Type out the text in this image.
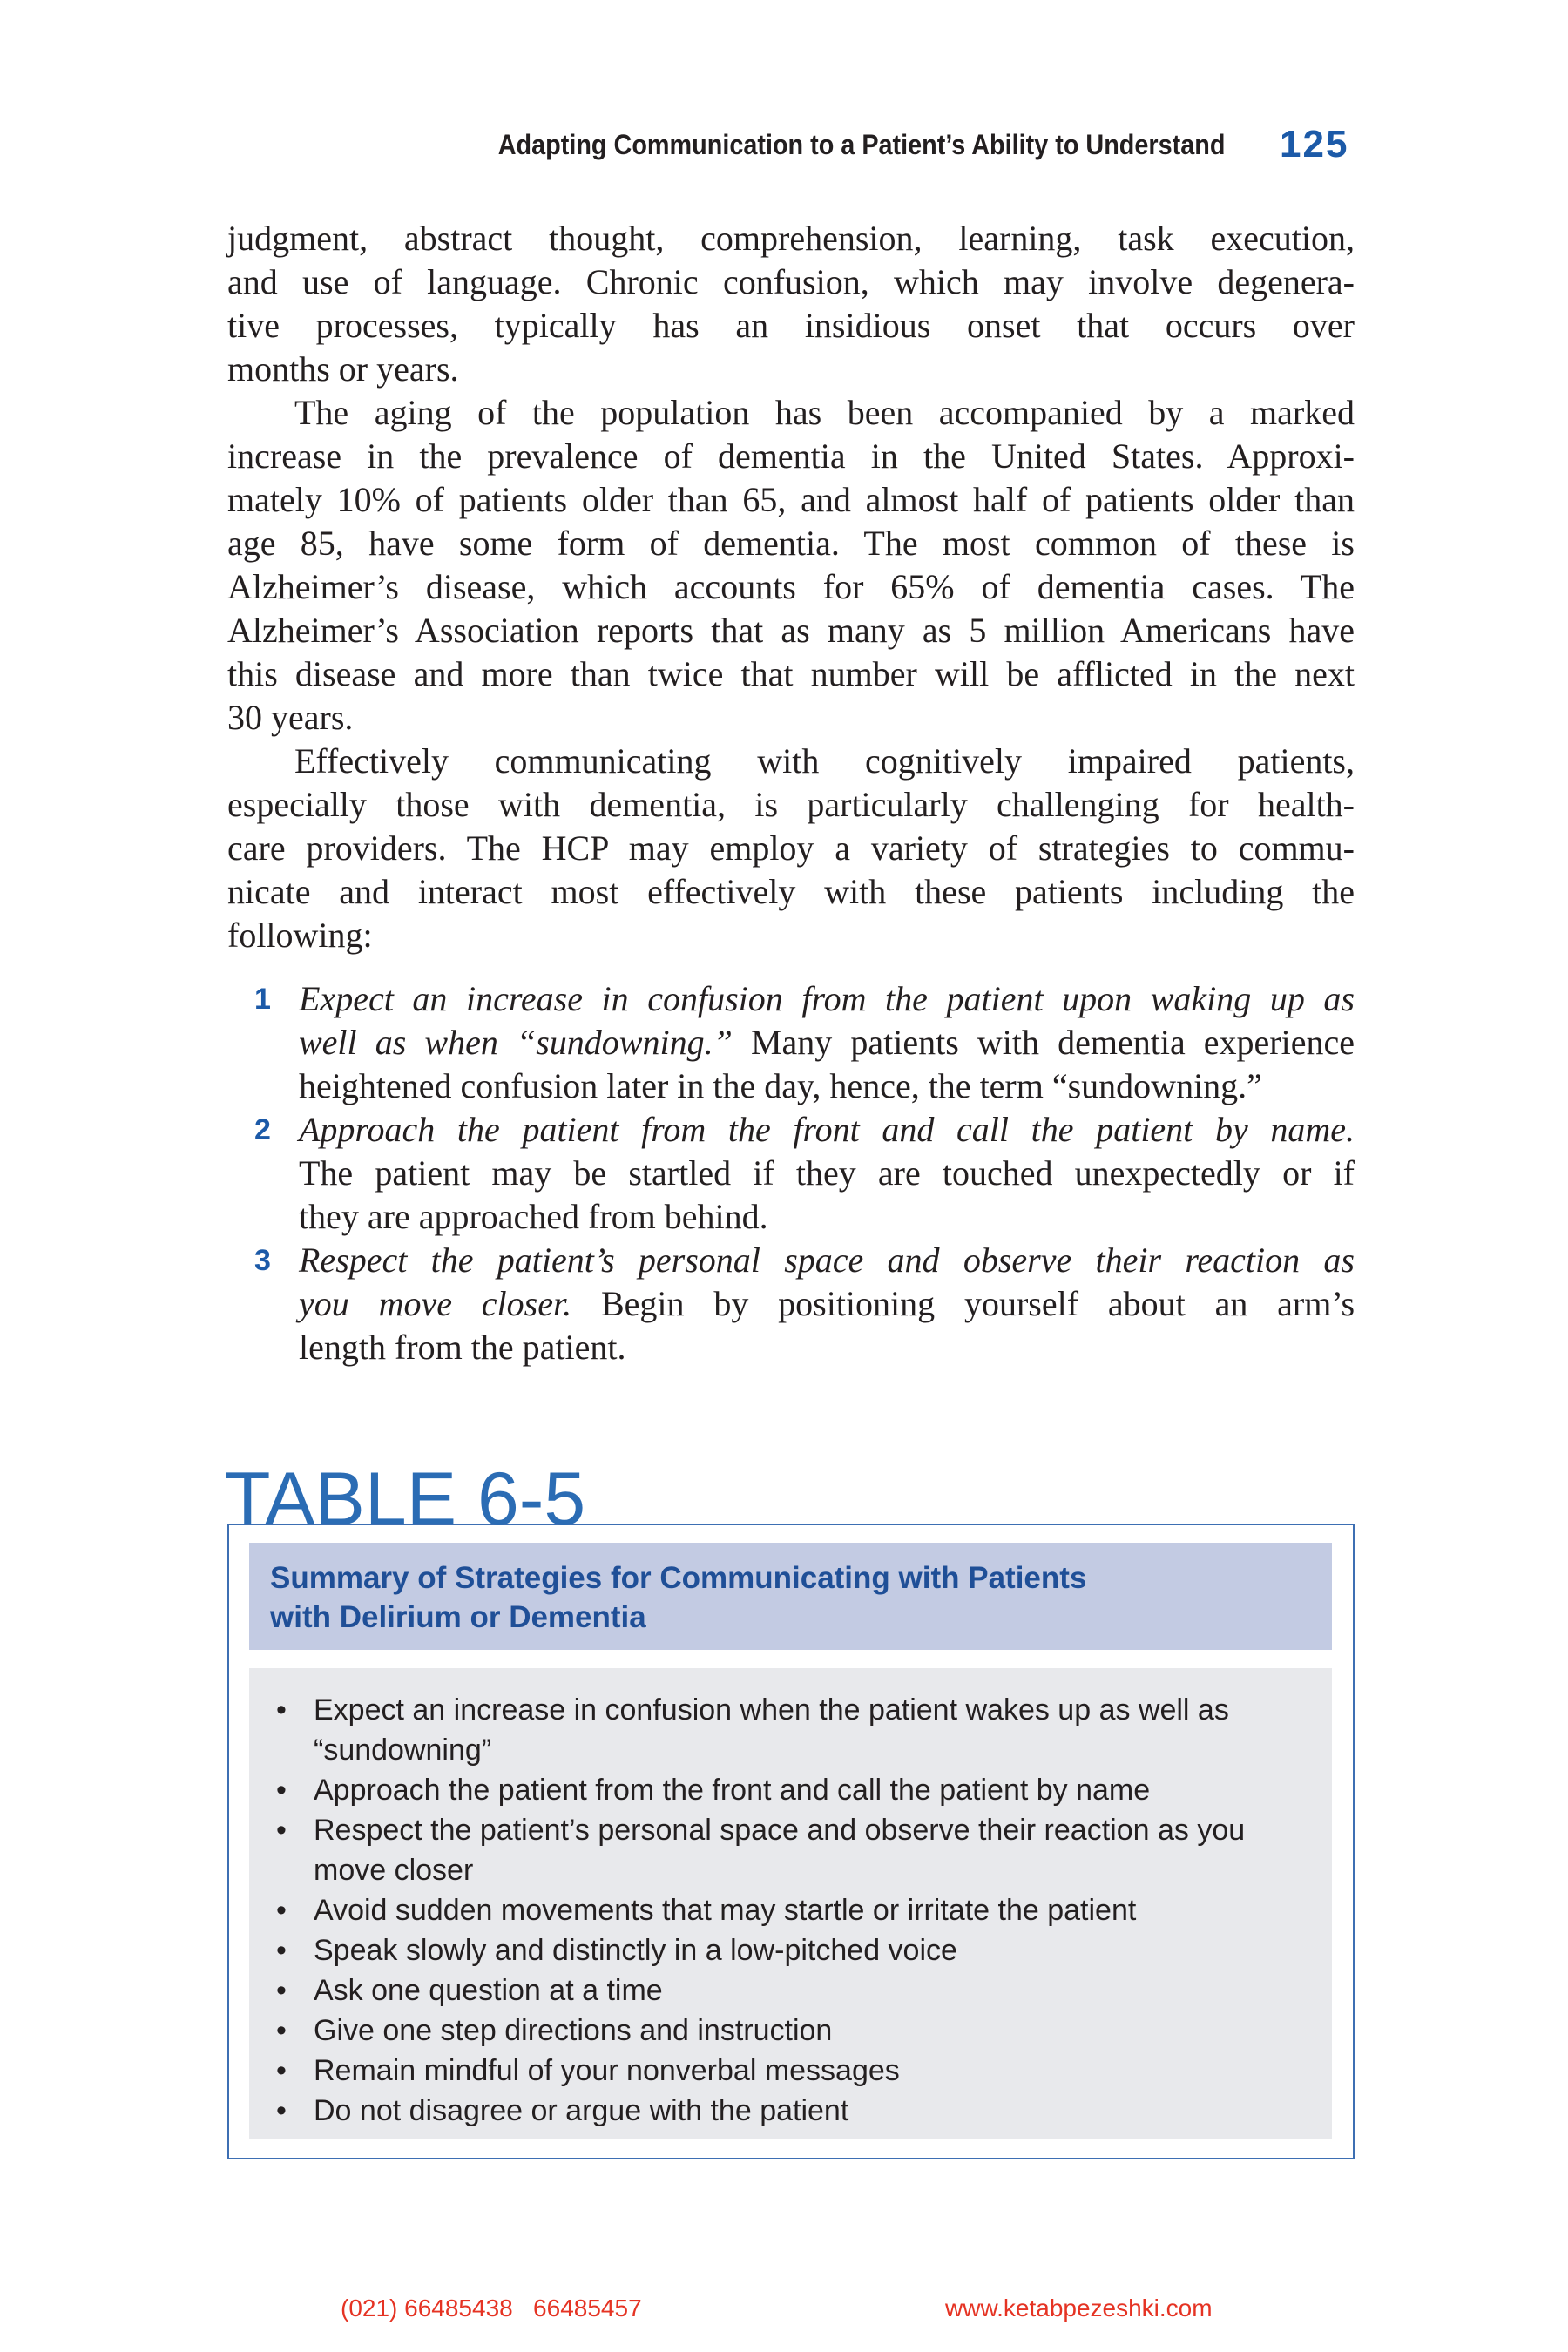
Adapting Communication to a Patient’s Ability to Understand 125
judgment, abstract thought, comprehension, learning, task execution,
and use of language. Chronic confusion, which may involve degenera-
tive processes, typically has an insidious onset that occurs over
months or years.
The aging of the population has been accompanied by a marked
increase in the prevalence of dementia in the United States. Approxi-
mately 10% of patients older than 65, and almost half of patients older than
age 85, have some form of dementia. The most common of these is
Alzheimer’s disease, which accounts for 65% of dementia cases. The
Alzheimer’s Association reports that as many as 5 million Americans have
this disease and more than twice that number will be afflicted in the next
30 years.
Effectively communicating with cognitively impaired patients,
especially those with dementia, is particularly challenging for health-
care providers. The HCP may employ a variety of strategies to commu-
nicate and interact most effectively with these patients including the
following:
1 Expect an increase in confusion from the patient upon waking up as
well as when “sundowning.” Many patients with dementia experience
heightened confusion later in the day, hence, the term “sundowning.”
2 Approach the patient from the front and call the patient by name.
The patient may be startled if they are touched unexpectedly or if
they are approached from behind.
3 Respect the patient’s personal space and observe their reaction as
you move closer. Begin by positioning yourself about an arm’s
length from the patient.
Summary of Strategies for Communicating with Patients
with Delirium or Dementia
• Expect an increase in confusion when the patient wakes up as well as
“sundowning”
• Approach the patient from the front and call the patient by name
• Respect the patient’s personal space and observe their reaction as you
move closer
• Avoid sudden movements that may startle or irritate the patient
• Speak slowly and distinctly in a low-pitched voice
• Ask one question at a time
• Give one step directions and instruction
• Remain mindful of your nonverbal messages
• Do not disagree or argue with the patient
TABLE 6-5
(021) 66485438   66485457	www.ketabpezeshki.com
